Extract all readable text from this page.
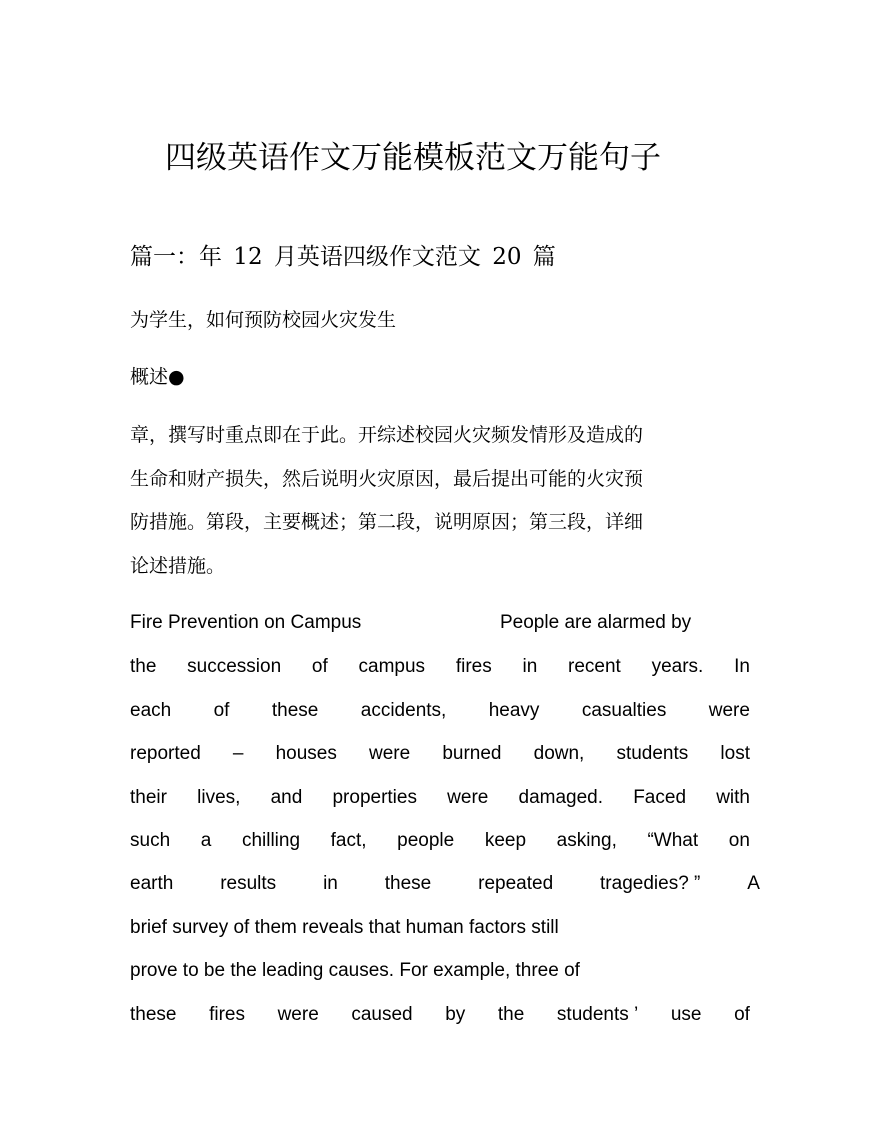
四级英语作文万能模板范文万能句子
篇一：年 12 月英语四级作文范文 20 篇
为学生，如何预防校园火灾发生
概述●
章，撰写时重点即在于此。开综述校园火灾频发情形及造成的
生命和财产损失，然后说明火灾原因，最后提出可能的火灾预
防措施。第段，主要概述；第二段，说明原因；第三段，详细
论述措施。
Fire Prevention on Campus	People are alarmed by
the succession of campus fires in recent years. In
each of these accidents, heavy casualties were
reported – houses were burned down, students lost
their lives, and properties were damaged. Faced with
such a chilling fact, people keep asking, “What on
earth results in these repeated tragedies? ” A
brief survey of them reveals that human factors still
prove to be the leading causes. For example, three of
these fires were caused by the students ’ use of
